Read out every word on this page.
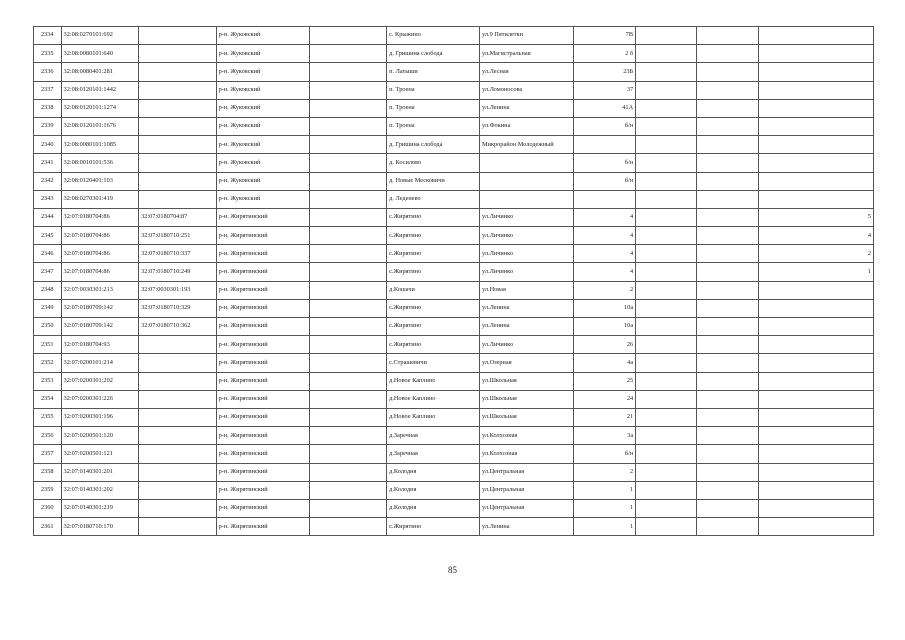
2334	32:08:0270101:692		р-н. Жуковский		с. Крыжино	ул.9 Пятилетки	7В			
2335	32:08:0080101:640		р-н. Жуковский		д. Гришина слобода	ул.Магистральная	2 б			
2336	32:08:0080401:281		р-н. Жуковский		п. Латыши	ул.Лесная	23Б			
2337	32:08:0120101:1442		р-н. Жуковский		п. Троена	ул.Ломоносова	37			
2338	32:08:0120101:1274		р-н. Жуковский		п. Троена	ул.Ленина	41А			
2339	32:08:0120101:1676		р-н. Жуковский		п. Троена	ул.Фокина	б/н			
2340	32:08:0080101:1085		р-н. Жуковский		д. Гришина слобода	Микрорайон Молодежный				
2341	32:08:0010101:536		р-н. Жуковский		д. Косилово		б/н			
2342	32:08:0120401:103		р-н. Жуковский		д. Новые Месковичи		б/н			
2343	32:08:0270301:419		р-н. Жуковский		д. Леденево					
2344	32:07:0180704:86	32:07:0180704:87	р-н. Жирятинский		с.Жирятино	ул.Личинко	4			5
2345	32:07:0180704:86	32:07:0180710:251	р-н. Жирятинский		с.Жирятино	ул.Личинко	4			4
2346	32:07:0180704:86	32:07:0180710:337	р-н. Жирятинский		с.Жирятино	ул.Личинко	4			2
2347	32:07:0180704:86	32:07:0180710:249	р-н. Жирятинский		с.Жирятино	ул.Личинко	4			1
2348	32:07:0030301:213	32:07:0030301:193	р-н. Жирятинский		д.Кошачи	ул.Новая	2			
2349	32:07:0180709:142	32:07:0180710:329	р-н. Жирятинский		с.Жирятино	ул.Ленина	10а			
2350	32:07:0180709:142	32:07:0180710:362	р-н. Жирятинский		с.Жирятино	ул.Ленина	10а			
2351	32:07:0180704:93		р-н. Жирятинский		с.Жирятино	ул.Личинко	26			
2352	32:07:0200101:214		р-н. Жирятинский		с.Страшевичи	ул.Озерная	4а			
2353	32:07:0200301:202		р-н. Жирятинский		д.Новое Каплино	ул.Школьная	25			
2354	32:07:0200301:226		р-н. Жирятинский		д.Новое Каплино	ул.Школьная	24			
2355	32:07:0200301:196		р-н. Жирятинский		д.Новое Каплино	ул.Школьная	21			
2356	32:07:0200501:120		р-н. Жирятинский		д.Заречная	ул.Колхозная	3а			
2357	32:07:0200501:121		р-н. Жирятинский		д.Заречная	ул.Колхозная	б/н			
2358	32:07:0140301:201		р-н. Жирятинский		д.Колодня	ул.Центральная	2			
2359	32:07:0140301:202		р-н. Жирятинский		д.Колодня	ул.Центральная	1			
2360	32:07:0140301:219		р-н. Жирятинский		д.Колодня	ул.Центральная	1			
2361	32:07:0180710:170		р-н. Жирятинский		с.Жирятино	ул.Ленина	1			
85
